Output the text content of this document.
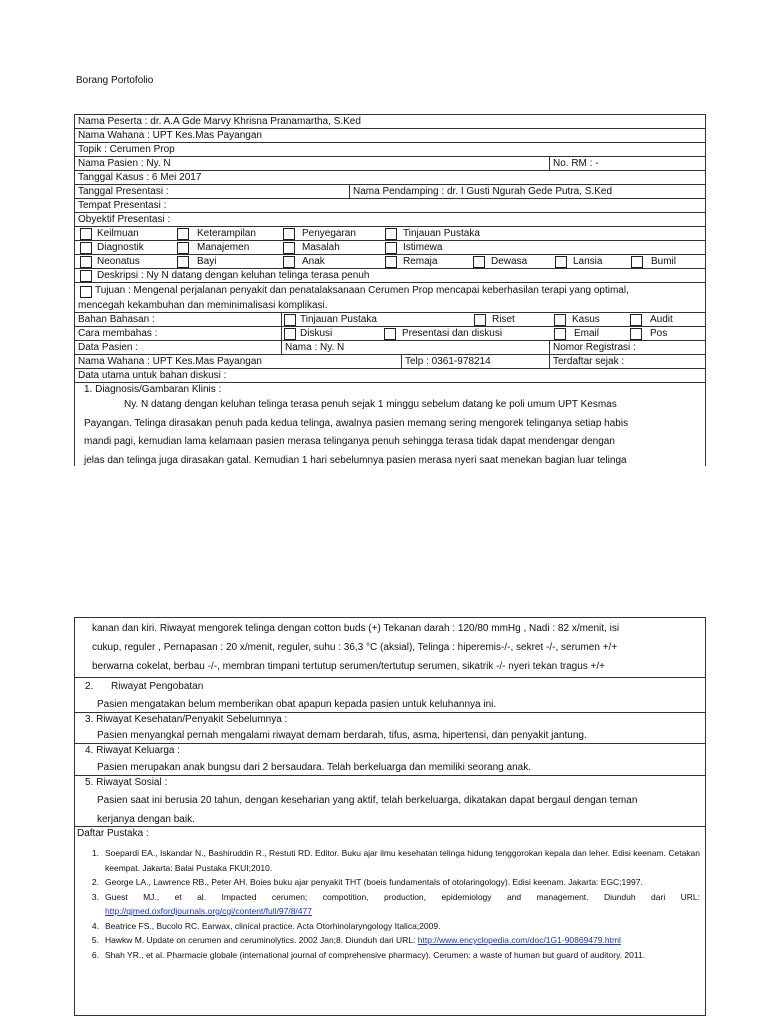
Borang Portofolio
Nama Peserta : dr. A.A Gde Marvy Khrisna Pranamartha, S.Ked
Nama Wahana : UPT Kes.Mas Payangan
Topik : Cerumen Prop
Nama Pasien : Ny. N	No. RM : -
Tanggal Kasus : 6 Mei 2017
Tanggal Presentasi :	Nama Pendamping : dr. I Gusti Ngurah Gede Putra, S.Ked
Tempat Presentasi :
Obyektif Presentasi :
Keilmuan	Keterampilan	Penyegaran	Tinjauan Pustaka
Diagnostik	Manajemen	Masalah	Istimewa
Neonatus	Bayi	Anak	Remaja	Dewasa	Lansia	Bumil
Deskripsi : Ny N datang dengan keluhan telinga terasa penuh
Tujuan : Mengenal perjalanan penyakit dan penatalaksanaan Cerumen Prop mencapai keberhasilan terapi yang optimal,
mencegah kekambuhan dan meminimalisasi komplikasi.
Bahan Bahasan :	Tinjauan Pustaka	Riset	Kasus	Audit
Cara membahas :	Diskusi	Presentasi dan diskusi	Email	Pos
Data Pasien :	Nama : Ny. N	Nomor Registrasi :
Nama Wahana : UPT Kes.Mas Payangan	Telp : 0361-978214	Terdaftar sejak :
Data utama untuk bahan diskusi :
1. Diagnosis/Gambaran Klinis :
Ny. N datang dengan keluhan telinga terasa penuh sejak 1 minggu sebelum datang ke poli umum UPT Kesmas
Payangan. Telinga dirasakan penuh pada kedua telinga, awalnya pasien memang sering mengorek telinganya setiap habis
mandi pagi, kemudian lama kelamaan pasien merasa telinganya penuh sehingga terasa tidak dapat mendengar dengan
jelas dan telinga juga dirasakan gatal. Kemudian 1 hari sebelumnya pasien merasa nyeri saat menekan bagian luar telinga

kanan dan kiri. Riwayat mengorek telinga dengan cotton buds (+) Tekanan darah : 120/80 mmHg , Nadi : 82 x/menit, isi

cukup, reguler , Pernapasan : 20 x/menit, reguler, suhu : 36,3 °C (aksial), Telinga : hiperemis-/-, sekret -/-, serumen +/+

berwarna cokelat, berbau -/-, membran timpani tertutup serumen/tertutup serumen, sikatrik -/- nyeri tekan tragus +/+

2. Riwayat Pengobatan
Pasien mengatakan belum memberikan obat apapun kepada pasien untuk keluhannya ini.
3. Riwayat Kesehatan/Penyakit Sebelumnya :
Pasien menyangkal pernah mengalami riwayat demam berdarah, tifus, asma, hipertensi, dan penyakit jantung.
4. Riwayat Keluarga :
Pasien merupakan anak bungsu dari 2 bersaudara. Telah berkeluarga dan memiliki seorang anak.
5. Riwayat Sosial :
Pasien saat ini berusia 20 tahun, dengan keseharian yang aktif, telah berkeluarga, dikatakan dapat bergaul dengan teman
kerjanya dengan baik.
Daftar Pustaka :
1. Soepardi EA., Iskandar N., Bashiruddin R., Restuti RD. Editor. Buku ajar ilmu kesehatan telinga hidung tenggorokan kepala dan leher. Edisi keenam. Cetakan keempat. Jakarta: Balai Pustaka FKUI;2010.
2. George LA., Lawrence RB., Peter AH. Boies buku ajar penyakit THT (boeis fundamentals of otolaringology). Edisi keenam. Jakarta: EGC;1997.
3. Guest MJ., et al. Impacted cerumen; compotition, production, epidemiology and management. Diunduh dari URL: http://qjmed.oxfordjournals.org/cgi/content/full/97/8/477
4. Beatrice FS., Bucolo RC. Earwax, clinical practice. Acta Otorhinolaryngology Italica;2009.
5. Hawkw M. Update on cerumen and ceruminolytics. 2002 Jan;8. Diunduh dari URL: http://www.encyclopedia.com/doc/1G1-90869479.html
6. Shah YR., et al. Pharmacie globale (international journal of comprehensive pharmacy). Cerumen: a waste of human but guard of auditory. 2011.
